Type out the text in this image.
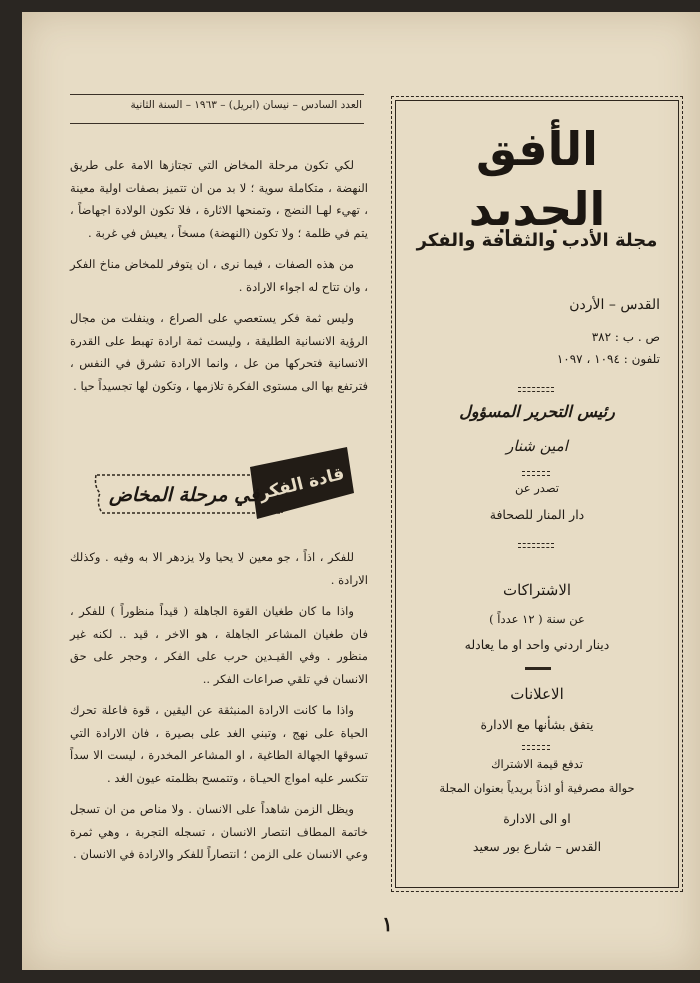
العدد السادس – نيسان (ابريل) – ١٩٦٣ – السنة الثانية

لكي تكون مرحلة المخاض التي تجتازها الامة على طريق النهضة ، متكاملة سوية ؛ لا بد من ان تتميز بصفات اولية معينة ، تهيء لهـا النضج ، وتمنحها الاثارة ، فلا تكون الولادة اجهاضاً ، يتم في ظلمة ؛ ولا تكون (النهضة) مسخاً ، يعيش في غربة .

من هذه الصفات ، فيما نرى ، ان يتوفر للمخاض مناخ الفكر ، وان تتاح له اجواء الارادة .

وليس ثمة فكر يستعصي على الصراع ، وينفلت من مجال الرؤية الانسانية الطليقة ، وليست ثمة ارادة تهبط على القدرة الانسانية فتحركها من عل ، وانما الارادة تشرق في النفس ، فترتفع بها الى مستوى الفكرة تلازمها ، وتكون لها تجسيداً حيا .

قادة الفكر
في مرحلة المخاض

للفكر ، اذاً ، جو معين لا يحيا ولا يزدهر الا به وفيه . وكذلك الارادة .

واذا ما كان طغيان القوة الجاهلة ( قيداً منظوراً ) للفكر ، فان طغيان المشاعر الجاهلة ، هو الاخر ، قيد .. لكنه غير منظور . وفي القيـدين حرب على الفكر ، وحجر على حق الانسان في تلقي صراعات الفكر ..

واذا ما كانت الارادة المنبثقة عن اليقين ، قوة فاعلة تحرك الحياة على نهج ، وتبني الغد على بصيرة ، فان الارادة التي تسوقها الجهالة الطاغية ، او المشاعر المخدرة ، ليست الا سداً تتكسر عليه امواج الحيـاة ، وتتمسح بظلمته عيون الغد .

ويظل الزمن شاهداً على الانسان . ولا مناص من ان تسجل خاتمة المطاف انتصار الانسان ، تسجله التجربة ، وهي ثمرة وعي الانسان على الزمن ؛ انتصاراً للفكر والارادة في الانسان .

الأفق الجديد
مجلة الأدب والثقافة والفكر
القدس – الأردن
ص . ب : ٣٨٢
تلفون : ١٠٩٤ ، ١٠٩٧
رئيس التحرير المسؤول
امين شنار
تصدر عن
دار المنار للصحافة
الاشتراكات
عن سنة ( ١٢ عدداً )
دينار اردني واحد او ما يعادله
الاعلانات
يتفق بشأنها مع الادارة
تدفع قيمة الاشتراك
حوالة مصرفية أو اذناً بريدياً بعنوان المجلة
او الى الادارة
القدس – شارع بور سعيد
١
